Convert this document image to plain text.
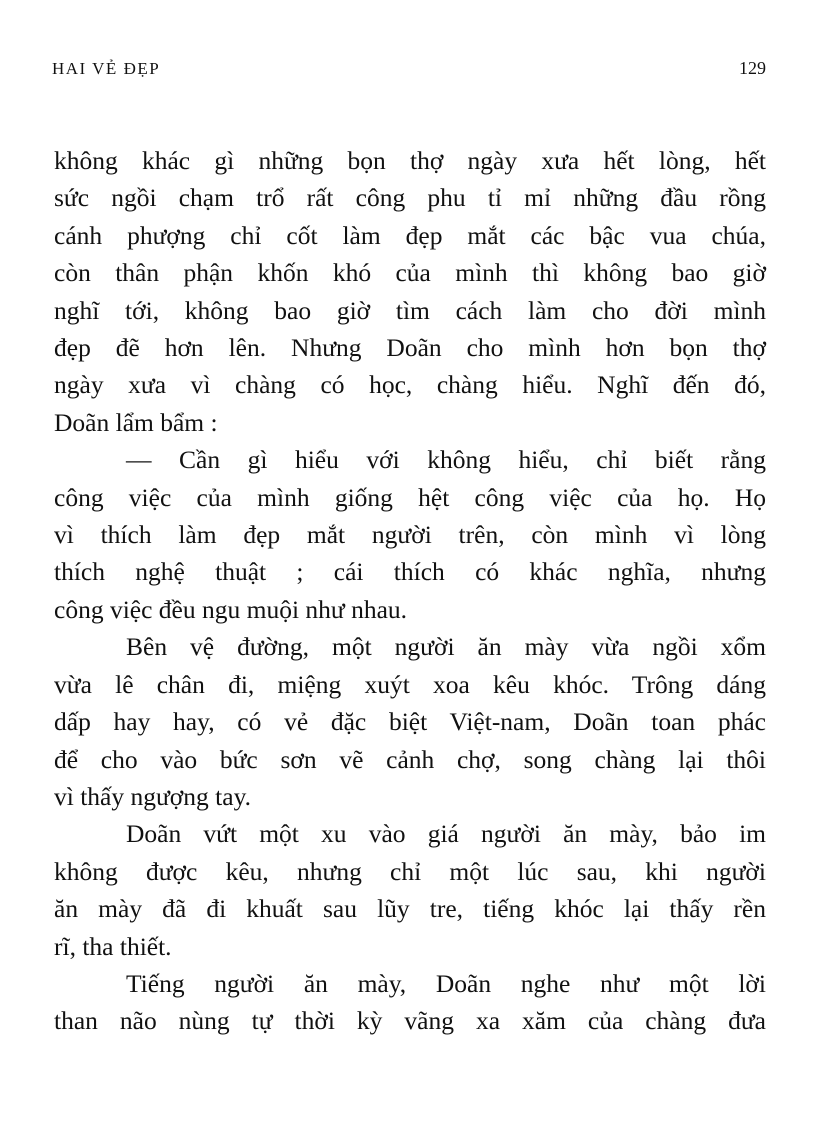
HAI VẺ ĐẸP	129
không khác gì những bọn thợ ngày xưa hết lòng, hết
sức ngồi chạm trổ rất công phu tỉ mỉ những đầu rồng
cánh phượng chỉ cốt làm đẹp mắt các bậc vua chúa,
còn thân phận khốn khó của mình thì không bao giờ
nghĩ tới, không bao giờ tìm cách làm cho đời mình
đẹp đẽ hơn lên. Nhưng Doãn cho mình hơn bọn thợ
ngày xưa vì chàng có học, chàng hiểu. Nghĩ đến đó,
Doãn lẩm bẩm :
— Cần gì hiểu với không hiểu, chỉ biết rằng
công việc của mình giống hệt công việc của họ. Họ
vì thích làm đẹp mắt người trên, còn mình vì lòng
thích nghệ thuật ; cái thích có khác nghĩa, nhưng
công việc đều ngu muội như nhau.
Bên vệ đường, một người ăn mày vừa ngồi xổm
vừa lê chân đi, miệng xuýt xoa kêu khóc. Trông dáng
dấp hay hay, có vẻ đặc biệt Việt-nam, Doãn toan phác
để cho vào bức sơn vẽ cảnh chợ, song chàng lại thôi
vì thấy ngượng tay.
Doãn vứt một xu vào giá người ăn mày, bảo im
không được kêu, nhưng chỉ một lúc sau, khi người
ăn mày đã đi khuất sau lũy tre, tiếng khóc lại thấy rền
rĩ, tha thiết.
Tiếng người ăn mày, Doãn nghe như một lời
than não nùng tự thời kỳ vãng xa xăm của chàng đưa
